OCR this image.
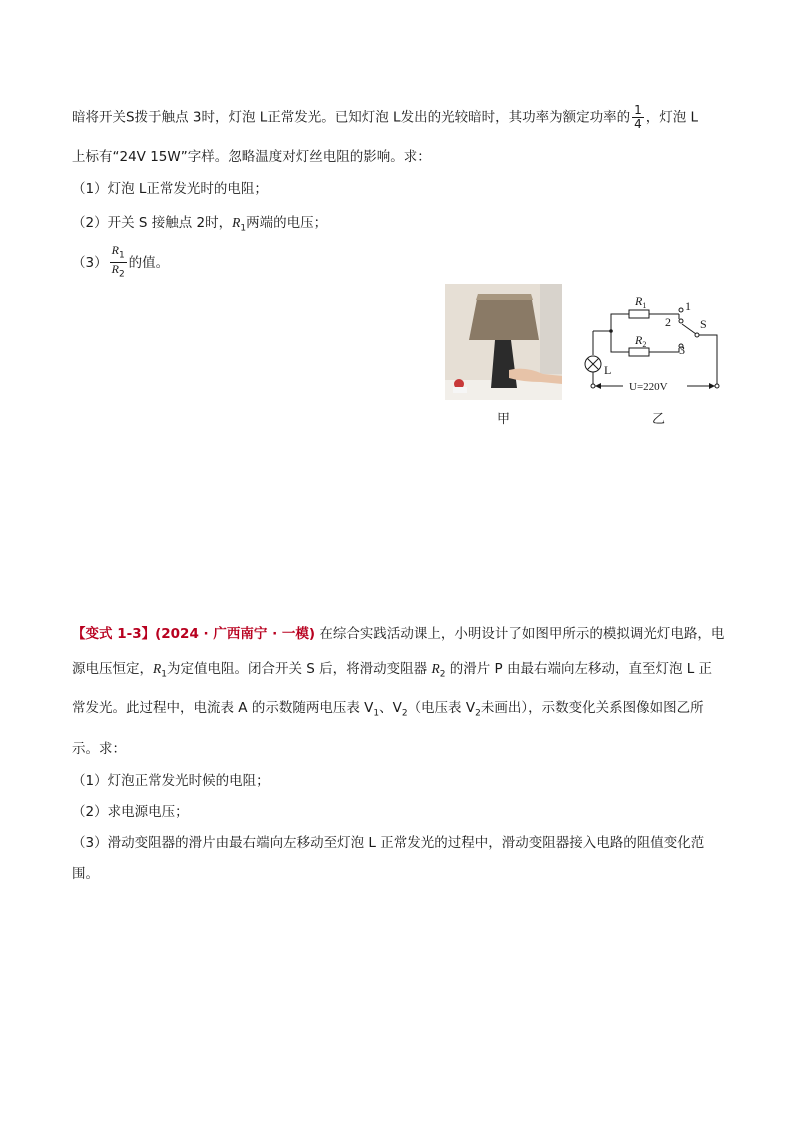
暗将开关S拨于触点 3时，灯泡 L正常发光。已知灯泡 L发出的光较暗时，其功率为额定功率的 $\frac{1}{4}$ ，灯泡 L
上标有“24V 15W”字样。忽略温度对灯丝电阻的影响。求：
（1）灯泡 L正常发光时的电阻；
（2）开关 S 接触点 2时，$R_1$两端的电压；
$(3) \frac{R_1}{R_2}$ 的值。
$R_1$
$R_2$
1
2
3
S
L
U=220V
甲	乙
【变式 1-3】(2024 · 广西南宁 · 一模) 在综合实践活动课上，小明设计了如图甲所示的模拟调光灯电路，电
源电压恒定，$R_1$为定值电阻。闭合开关 S 后，将滑动变阻器 $R_2$ 的滑片 P 由最右端向左移动，直至灯泡 L 正
常发光。此过程中，电流表 A 的示数随两电压表 $V_1$、$V_2$（电压表 $V_2$未画出），示数变化关系图像如图乙所
示。求：
（1）灯泡正常发光时候的电阻；
（2）求电源电压；
（3）滑动变阻器的滑片由最右端向左移动至灯泡 L 正常发光的过程中，滑动变阻器接入电路的阻值变化范
围。
